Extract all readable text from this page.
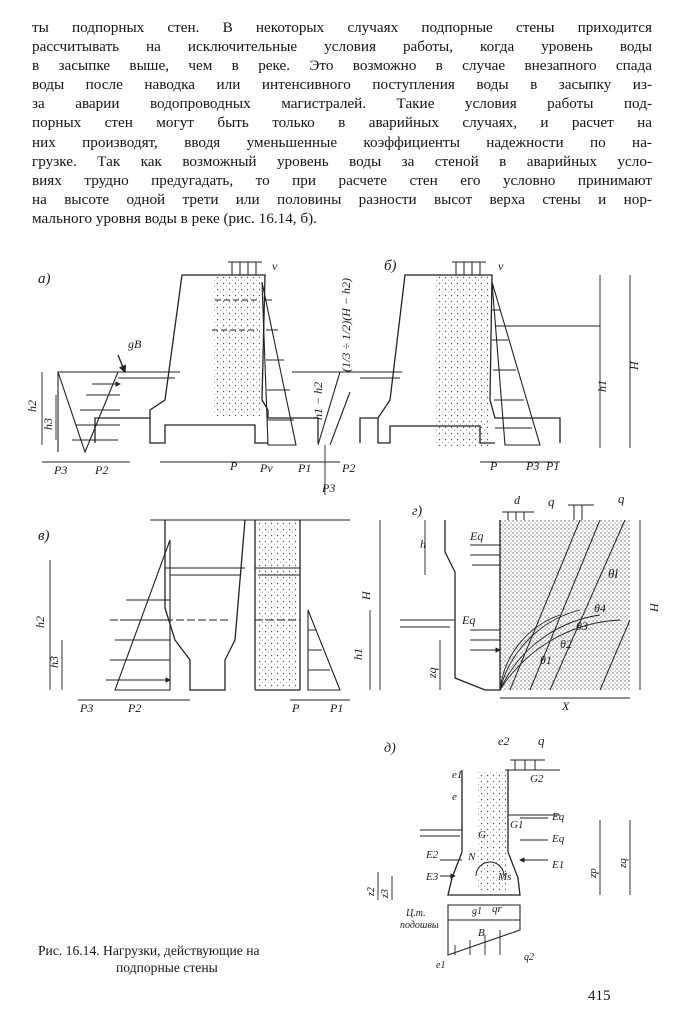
ты подпорных стен. В некоторых случаях подпорные стены приходится
рассчитывать на исключительные условия работы, когда уровень воды
в засыпке выше, чем в реке. Это возможно в случае внезапного спада
воды после наводка или интенсивного поступления воды в засыпку из-
за аварии водопроводных магистралей. Такие условия работы под-
порных стен могут быть только в аварийных случаях, и расчет на
них производят, вводя уменьшенные коэффициенты надежности по на-
грузке. Так как возможный уровень воды за стеной в аварийных усло-
виях трудно предугадать, то при расчете стен его условно принимают
на высоте одной трети или половины разности высот верха стены и нор-
мального уровня воды в реке (рис. 16.14, б).

а)
gB
h2
h3
P3 P2	P Pv P1	P2
P3
h1 − h2
v	б)	v
(1/3 ÷ 1/2)(H − h2)	H
h1
P P3 P1
в)
h2
h3
H
h1
P3	P2	P	P1
г)
d q	q
h
Eq
Eq
H
zq
θ1
θ2
θ3
θ4
θl
X
д)	e2 q
G2
e1
e
G1
G
Eq
Eq
E1
E2
E3
N
Ms
zq
zp
z2 z3
qr
Ц.т.
подошвы
B
e1
q2
g1

Рис. 16.14. Нагрузки, действующие на
подпорные стены

415
